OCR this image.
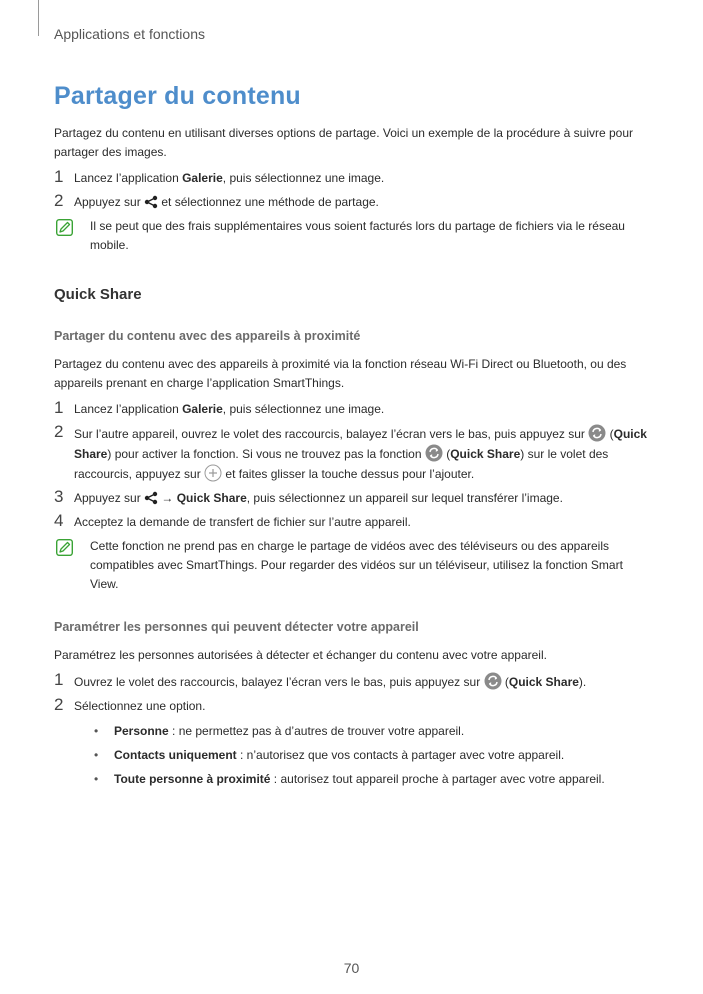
Applications et fonctions
Partager du contenu

Partagez du contenu en utilisant diverses options de partage. Voici un exemple de la procédure à suivre pour partager des images.

1 Lancez l’application Galerie, puis sélectionnez une image.
2 Appuyez sur  et sélectionnez une méthode de partage.
Il se peut que des frais supplémentaires vous soient facturés lors du partage de fichiers via le réseau mobile.
Quick Share
Partager du contenu avec des appareils à proximité

Partagez du contenu avec des appareils à proximité via la fonction réseau Wi-Fi Direct ou Bluetooth, ou des appareils prenant en charge l’application SmartThings.

1 Lancez l’application Galerie, puis sélectionnez une image.
2 Sur l’autre appareil, ouvrez le volet des raccourcis, balayez l’écran vers le bas, puis appuyez sur  (Quick Share) pour activer la fonction. Si vous ne trouvez pas la fonction  (Quick Share) sur le volet des raccourcis, appuyez sur  et faites glisser la touche dessus pour l’ajouter.
3 Appuyez sur  → Quick Share, puis sélectionnez un appareil sur lequel transférer l’image.
4 Acceptez la demande de transfert de fichier sur l’autre appareil.
Cette fonction ne prend pas en charge le partage de vidéos avec des téléviseurs ou des appareils compatibles avec SmartThings. Pour regarder des vidéos sur un téléviseur, utilisez la fonction Smart View.
Paramétrer les personnes qui peuvent détecter votre appareil

Paramétrez les personnes autorisées à détecter et échanger du contenu avec votre appareil.

1 Ouvrez le volet des raccourcis, balayez l’écran vers le bas, puis appuyez sur  (Quick Share).
2 Sélectionnez une option.
• Personne : ne permettez pas à d’autres de trouver votre appareil.
• Contacts uniquement : n’autorisez que vos contacts à partager avec votre appareil.
• Toute personne à proximité : autorisez tout appareil proche à partager avec votre appareil.
70
